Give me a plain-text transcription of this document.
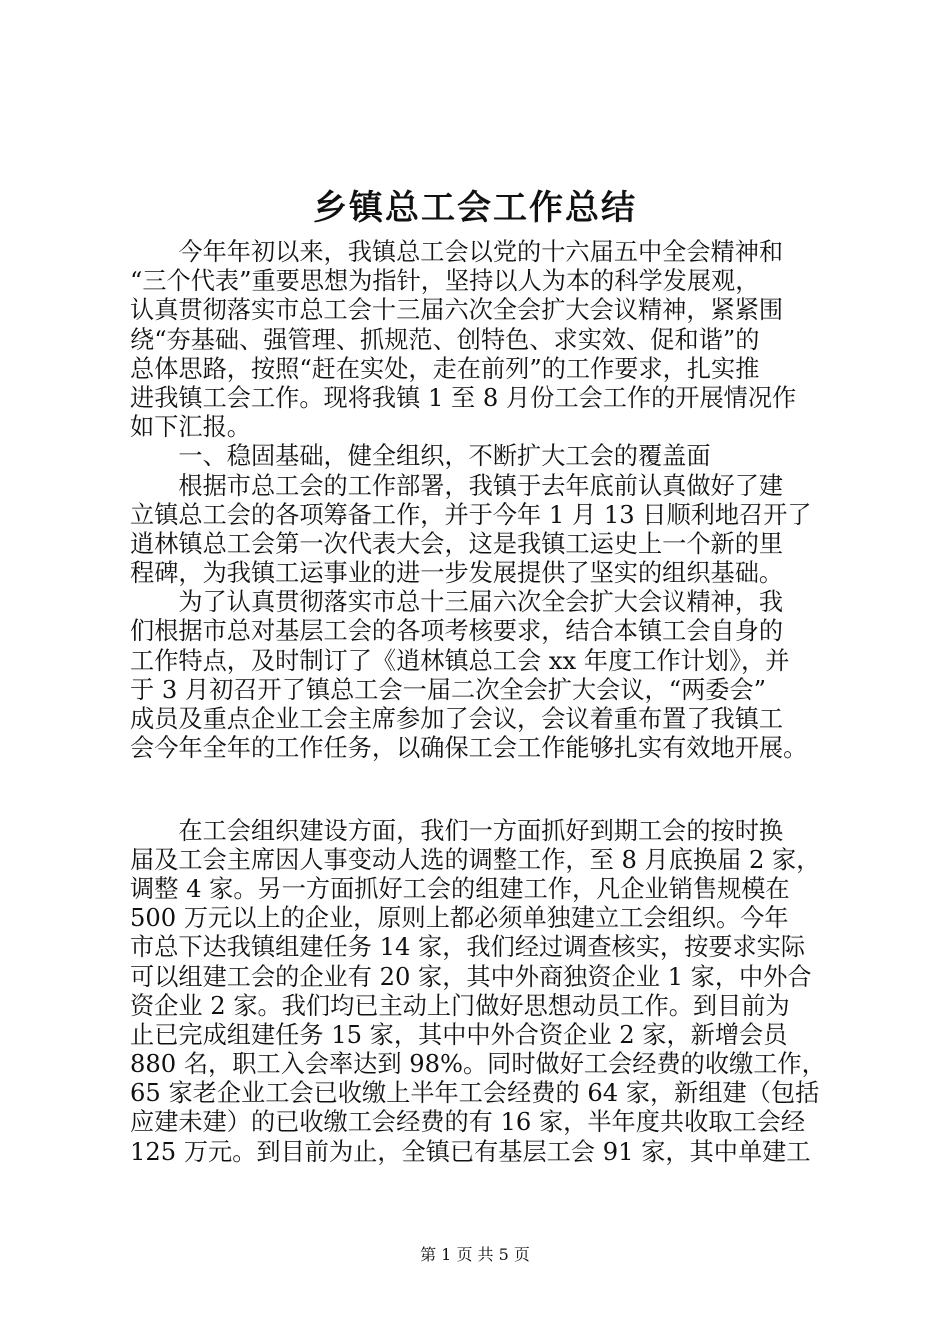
乡镇总工会工作总结
　　今年年初以来，我镇总工会以党的十六届五中全会精神和
“三个代表”重要思想为指针，坚持以人为本的科学发展观，
认真贯彻落实市总工会十三届六次全会扩大会议精神，紧紧围
绕“夯基础、强管理、抓规范、创特色、求实效、促和谐”的
总体思路，按照“赶在实处，走在前列”的工作要求，扎实推
进我镇工会工作。现将我镇 1 至 8 月份工会工作的开展情况作
如下汇报。
　　一、稳固基础，健全组织，不断扩大工会的覆盖面
　　根据市总工会的工作部署，我镇于去年底前认真做好了建
立镇总工会的各项筹备工作，并于今年 1 月 13 日顺利地召开了
逍林镇总工会第一次代表大会，这是我镇工运史上一个新的里
程碑，为我镇工运事业的进一步发展提供了坚实的组织基础。
　　为了认真贯彻落实市总十三届六次全会扩大会议精神，我
们根据市总对基层工会的各项考核要求，结合本镇工会自身的
工作特点，及时制订了《逍林镇总工会 xx 年度工作计划》，并
于 3 月初召开了镇总工会一届二次全会扩大会议，“两委会”
成员及重点企业工会主席参加了会议，会议着重布置了我镇工
会今年全年的工作任务，以确保工会工作能够扎实有效地开展。
　　在工会组织建设方面，我们一方面抓好到期工会的按时换
届及工会主席因人事变动人选的调整工作，至 8 月底换届 2 家，
调整 4 家。另一方面抓好工会的组建工作，凡企业销售规模在
500 万元以上的企业，原则上都必须单独建立工会组织。今年
市总下达我镇组建任务 14 家，我们经过调查核实，按要求实际
可以组建工会的企业有 20 家，其中外商独资企业 1 家，中外合
资企业 2 家。我们均已主动上门做好思想动员工作。到目前为
止已完成组建任务 15 家，其中中外合资企业 2 家，新增会员
880 名，职工入会率达到 98%。同时做好工会经费的收缴工作，
65 家老企业工会已收缴上半年工会经费的 64 家，新组建（包括
应建未建）的已收缴工会经费的有 16 家，半年度共收取工会经
125 万元。到目前为止，全镇已有基层工会 91 家，其中单建工
第 1 页 共 5 页
